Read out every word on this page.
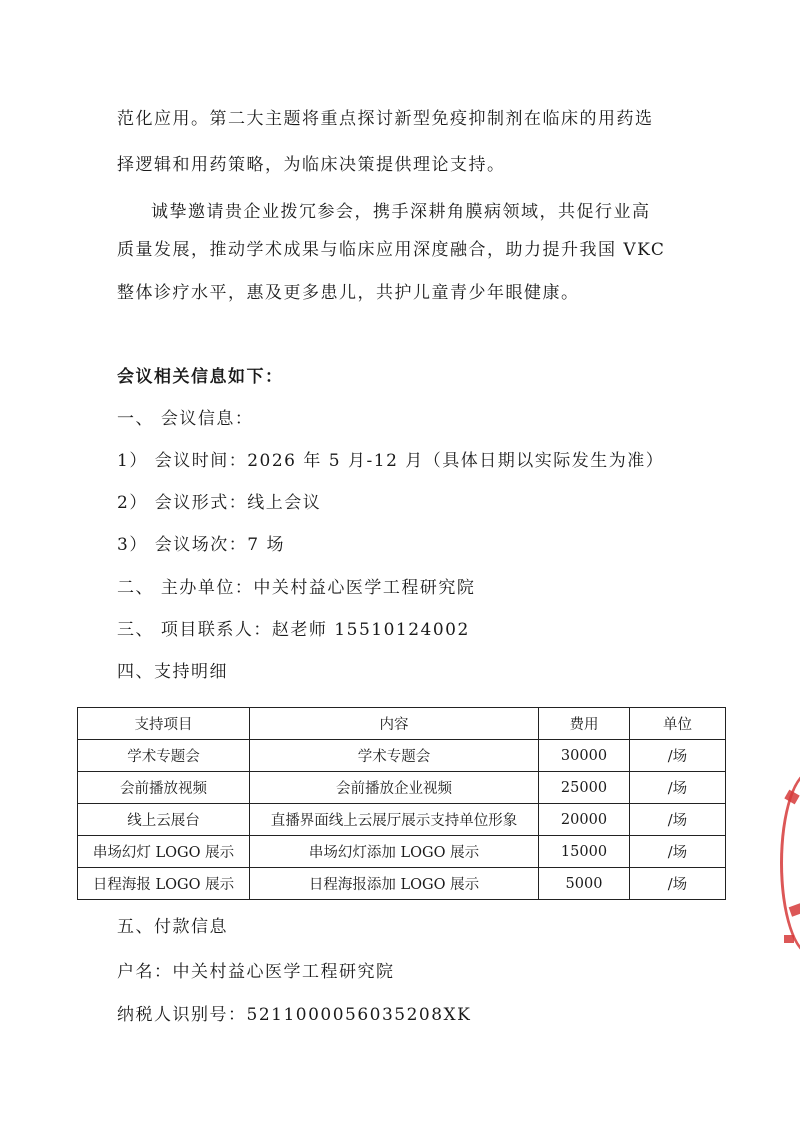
范化应用。第二大主题将重点探讨新型免疫抑制剂在临床的用药选
择逻辑和用药策略，为临床决策提供理论支持。
诚挚邀请贵企业拨冗参会，携手深耕角膜病领域，共促行业高
质量发展，推动学术成果与临床应用深度融合，助力提升我国 VKC
整体诊疗水平，惠及更多患儿，共护儿童青少年眼健康。
会议相关信息如下：
一、 会议信息：
1） 会议时间：2026 年 5 月-12 月（具体日期以实际发生为准）
2） 会议形式：线上会议
3） 会议场次：7 场
二、 主办单位：中关村益心医学工程研究院
三、 项目联系人：赵老师 15510124002
四、支持明细
支持项目	内容	费用	单位
学术专题会	学术专题会	30000	/场
会前播放视频	会前播放企业视频	25000	/场
线上云展台	直播界面线上云展厅展示支持单位形象	20000	/场
串场幻灯 LOGO 展示	串场幻灯添加 LOGO 展示	15000	/场
日程海报 LOGO 展示	日程海报添加 LOGO 展示	5000	/场
五、付款信息
户名：中关村益心医学工程研究院
纳税人识别号：5211000056035208XK
